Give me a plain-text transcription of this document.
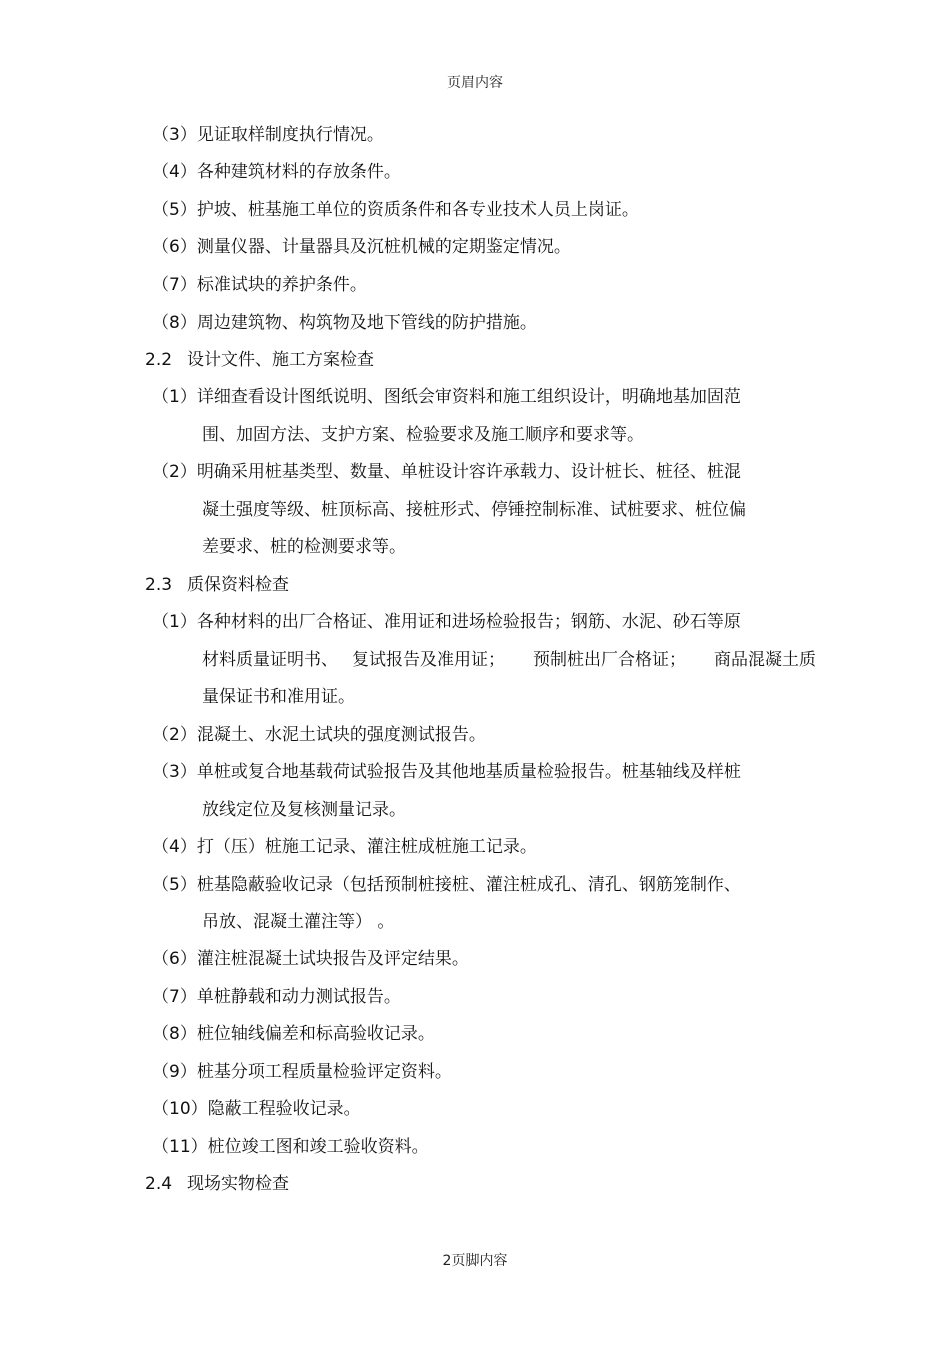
页眉内容
（3）见证取样制度执行情况。
（4）各种建筑材料的存放条件。
（5）护坡、桩基施工单位的资质条件和各专业技术人员上岗证。
（6）测量仪器、计量器具及沉桩机械的定期鉴定情况。
（7）标准试块的养护条件。
（8）周边建筑物、构筑物及地下管线的防护措施。
2.2 设计文件、施工方案检查
（1）详细查看设计图纸说明、图纸会审资料和施工组织设计，明确地基加固范
围、加固方法、支护方案、检验要求及施工顺序和要求等。
（2）明确采用桩基类型、数量、单桩设计容许承载力、设计桩长、桩径、桩混
凝土强度等级、桩顶标高、接桩形式、停锤控制标准、试桩要求、桩位偏
差要求、桩的检测要求等。
2.3 质保资料检查
（1）各种材料的出厂合格证、准用证和进场检验报告；钢筋、水泥、砂石等原
材料质量证明书、 复试报告及准用证； 预制桩出厂合格证； 商品混凝土质
量保证书和准用证。
（2）混凝土、水泥土试块的强度测试报告。
（3）单桩或复合地基载荷试验报告及其他地基质量检验报告。桩基轴线及样桩
放线定位及复核测量记录。
（4）打（压）桩施工记录、灌注桩成桩施工记录。
（5）桩基隐蔽验收记录（包括预制桩接桩、灌注桩成孔、清孔、钢筋笼制作、
吊放、混凝土灌注等） 。
（6）灌注桩混凝土试块报告及评定结果。
（7）单桩静载和动力测试报告。
（8）桩位轴线偏差和标高验收记录。
（9）桩基分项工程质量检验评定资料。
（10）隐蔽工程验收记录。
（11）桩位竣工图和竣工验收资料。
2.4 现场实物检查
2页脚内容
